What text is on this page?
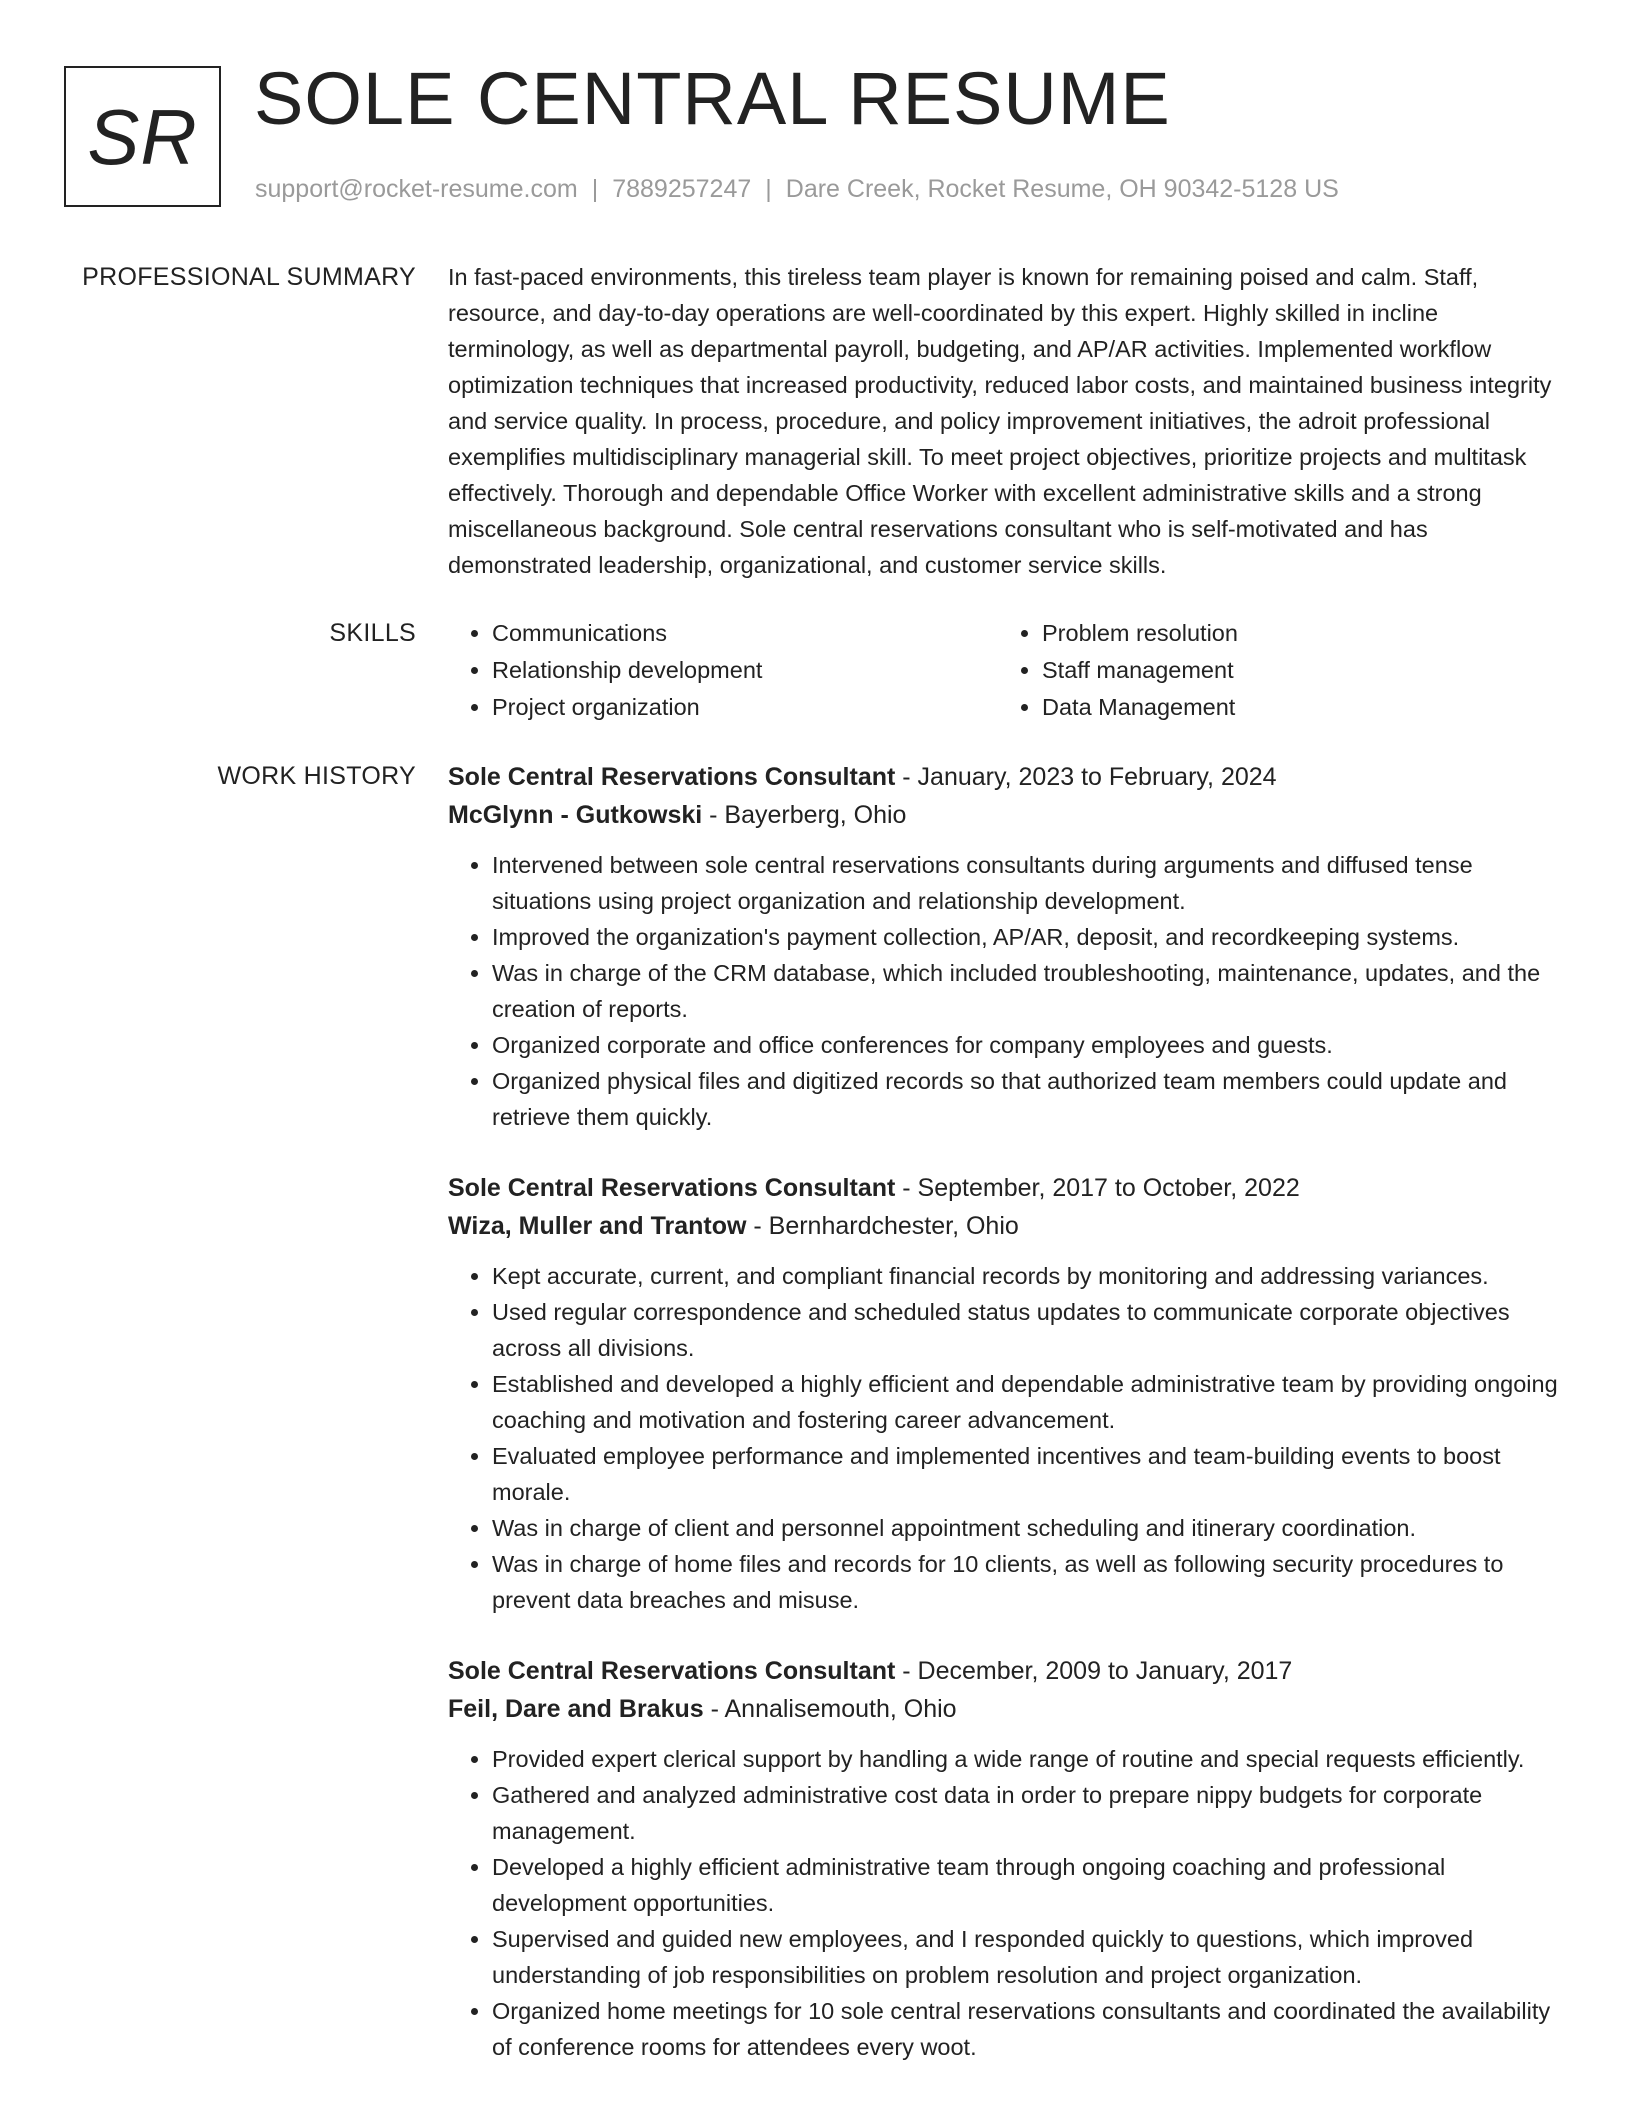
SR SOLE CENTRAL RESUME
support@rocket-resume.com | 7889257247 | Dare Creek, Rocket Resume, OH 90342-5128 US
PROFESSIONAL SUMMARY In fast-paced environments, this tireless team player is known for remaining poised and calm. Staff, resource, and day-to-day operations are well-coordinated by this expert. Highly skilled in incline terminology, as well as departmental payroll, budgeting, and AP/AR activities. Implemented workflow optimization techniques that increased productivity, reduced labor costs, and maintained business integrity and service quality. In process, procedure, and policy improvement initiatives, the adroit professional exemplifies multidisciplinary managerial skill. To meet project objectives, prioritize projects and multitask effectively. Thorough and dependable Office Worker with excellent administrative skills and a strong miscellaneous background. Sole central reservations consultant who is self-motivated and has demonstrated leadership, organizational, and customer service skills.

SKILLS
•	Communications
• Relationship development
• Project organization
• Problem resolution
• Staff management
• Data Management
WORK HISTORY Sole Central Reservations Consultant - January, 2023 to February, 2024
McGlynn - Gutkowski - Bayerberg, Ohio
• Intervened between sole central reservations consultants during arguments and diffused tense situations using project organization and relationship development.
• Improved the organization's payment collection, AP/AR, deposit, and recordkeeping systems.
• Was in charge of the CRM database, which included troubleshooting, maintenance, updates, and the creation of reports.
• Organized corporate and office conferences for company employees and guests.
• Organized physical files and digitized records so that authorized team members could update and retrieve them quickly.
Sole Central Reservations Consultant - September, 2017 to October, 2022
Wiza, Muller and Trantow - Bernhardchester, Ohio
• Kept accurate, current, and compliant financial records by monitoring and addressing variances.
• Used regular correspondence and scheduled status updates to communicate corporate objectives across all divisions.
• Established and developed a highly efficient and dependable administrative team by providing ongoing coaching and motivation and fostering career advancement.
• Evaluated employee performance and implemented incentives and team-building events to boost morale.
• Was in charge of client and personnel appointment scheduling and itinerary coordination.
• Was in charge of home files and records for 10 clients, as well as following security procedures to prevent data breaches and misuse.
Sole Central Reservations Consultant - December, 2009 to January, 2017
Feil, Dare and Brakus - Annalisemouth, Ohio
• Provided expert clerical support by handling a wide range of routine and special requests efficiently.
• Gathered and analyzed administrative cost data in order to prepare nippy budgets for corporate management.
• Developed a highly efficient administrative team through ongoing coaching and professional development opportunities.
• Supervised and guided new employees, and I responded quickly to questions, which improved understanding of job responsibilities on problem resolution and project organization.
• Organized home meetings for 10 sole central reservations consultants and coordinated the availability of conference rooms for attendees every woot.
